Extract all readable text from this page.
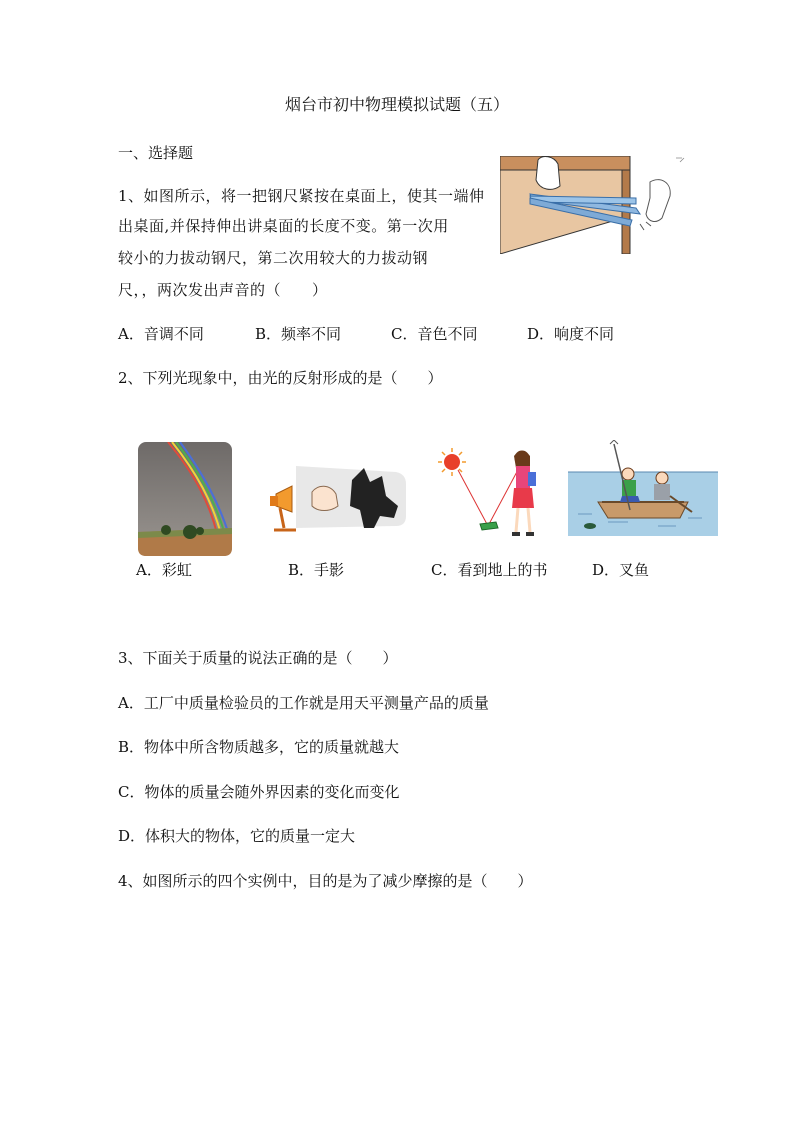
烟台市初中物理模拟试题（五）
一、选择题
1、如图所示，将一把钢尺紧按在桌面上，使其一端伸
出桌面,并保持伸出讲桌面的长度不变。第一次用
较小的力拔动钢尺，第二次用较大的力拔动钢
尺，，两次发出声音的（　　）
A．音调不同	B．频率不同	C．音色不同	D．响度不同
2、下列光现象中，由光的反射形成的是（　　）
A．彩虹	B．手影	C．看到地上的书	D．叉鱼
3、下面关于质量的说法正确的是（　　）
A．工厂中质量检验员的工作就是用天平测量产品的质量
B．物体中所含物质越多，它的质量就越大
C．物体的质量会随外界因素的变化而变化
D．体积大的物体，它的质量一定大
4、如图所示的四个实例中，目的是为了减少摩擦的是（　　）
